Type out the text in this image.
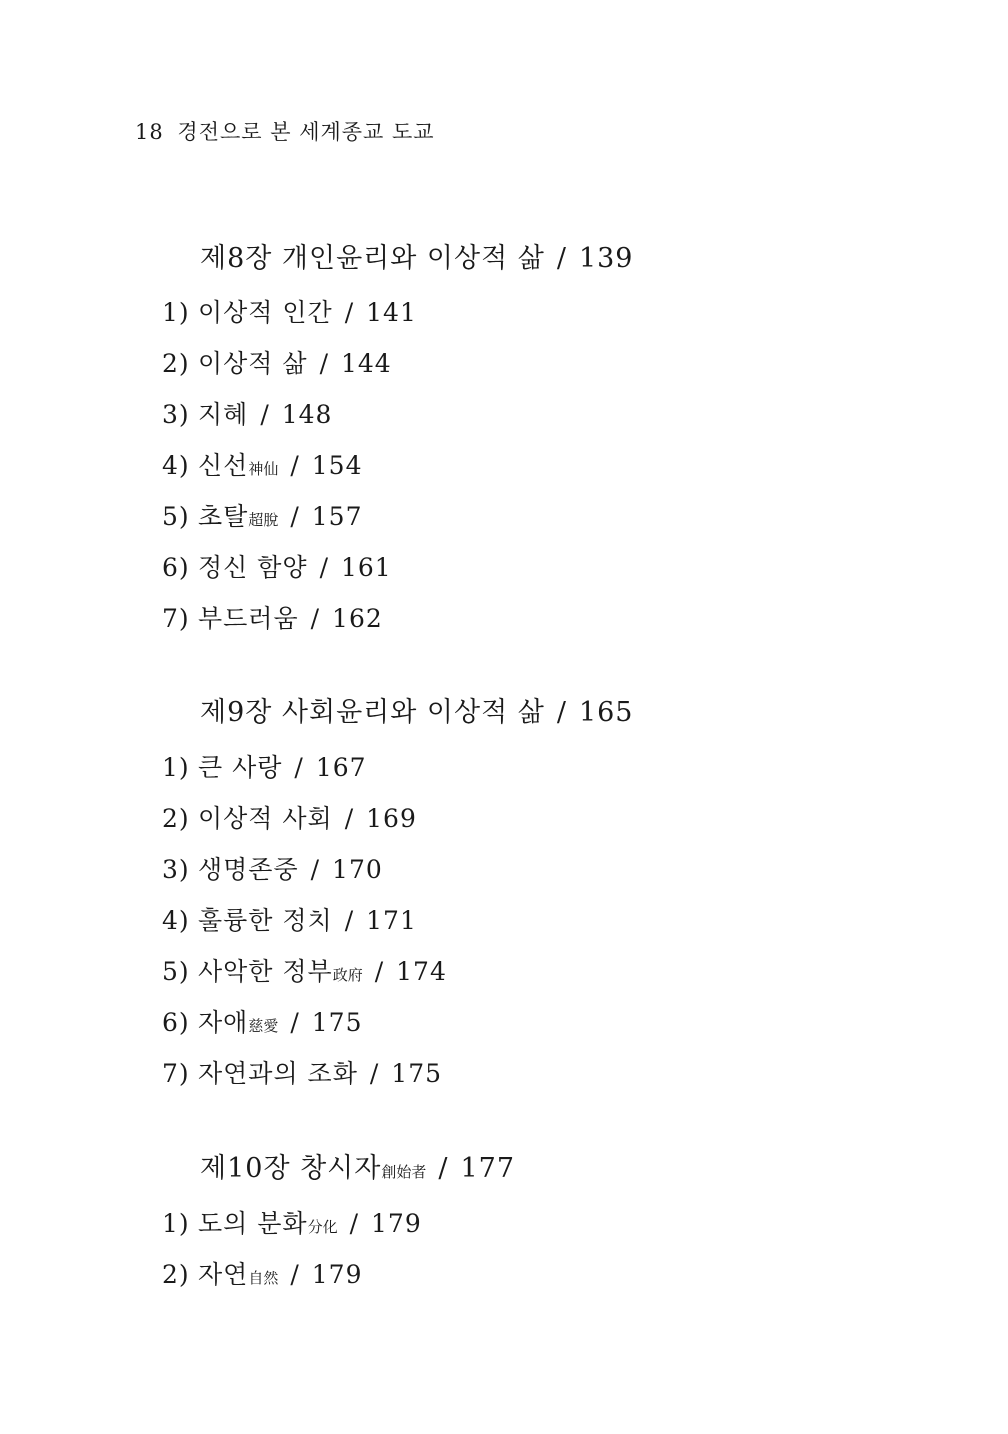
18 경전으로 본 세계종교 도교
제8장 개인윤리와 이상적 삶 / 139
1) 이상적 인간 / 141
2) 이상적 삶 / 144
3) 지혜 / 148
4) 신선神仙 / 154
5) 초탈超脫 / 157
6) 정신 함양 / 161
7) 부드러움 / 162
제9장 사회윤리와 이상적 삶 / 165
1) 큰 사랑 / 167
2) 이상적 사회 / 169
3) 생명존중 / 170
4) 훌륭한 정치 / 171
5) 사악한 정부政府 / 174
6) 자애慈愛 / 175
7) 자연과의 조화 / 175
제10장 창시자創始者 / 177
1) 도의 분화分化 / 179
2) 자연自然 / 179
